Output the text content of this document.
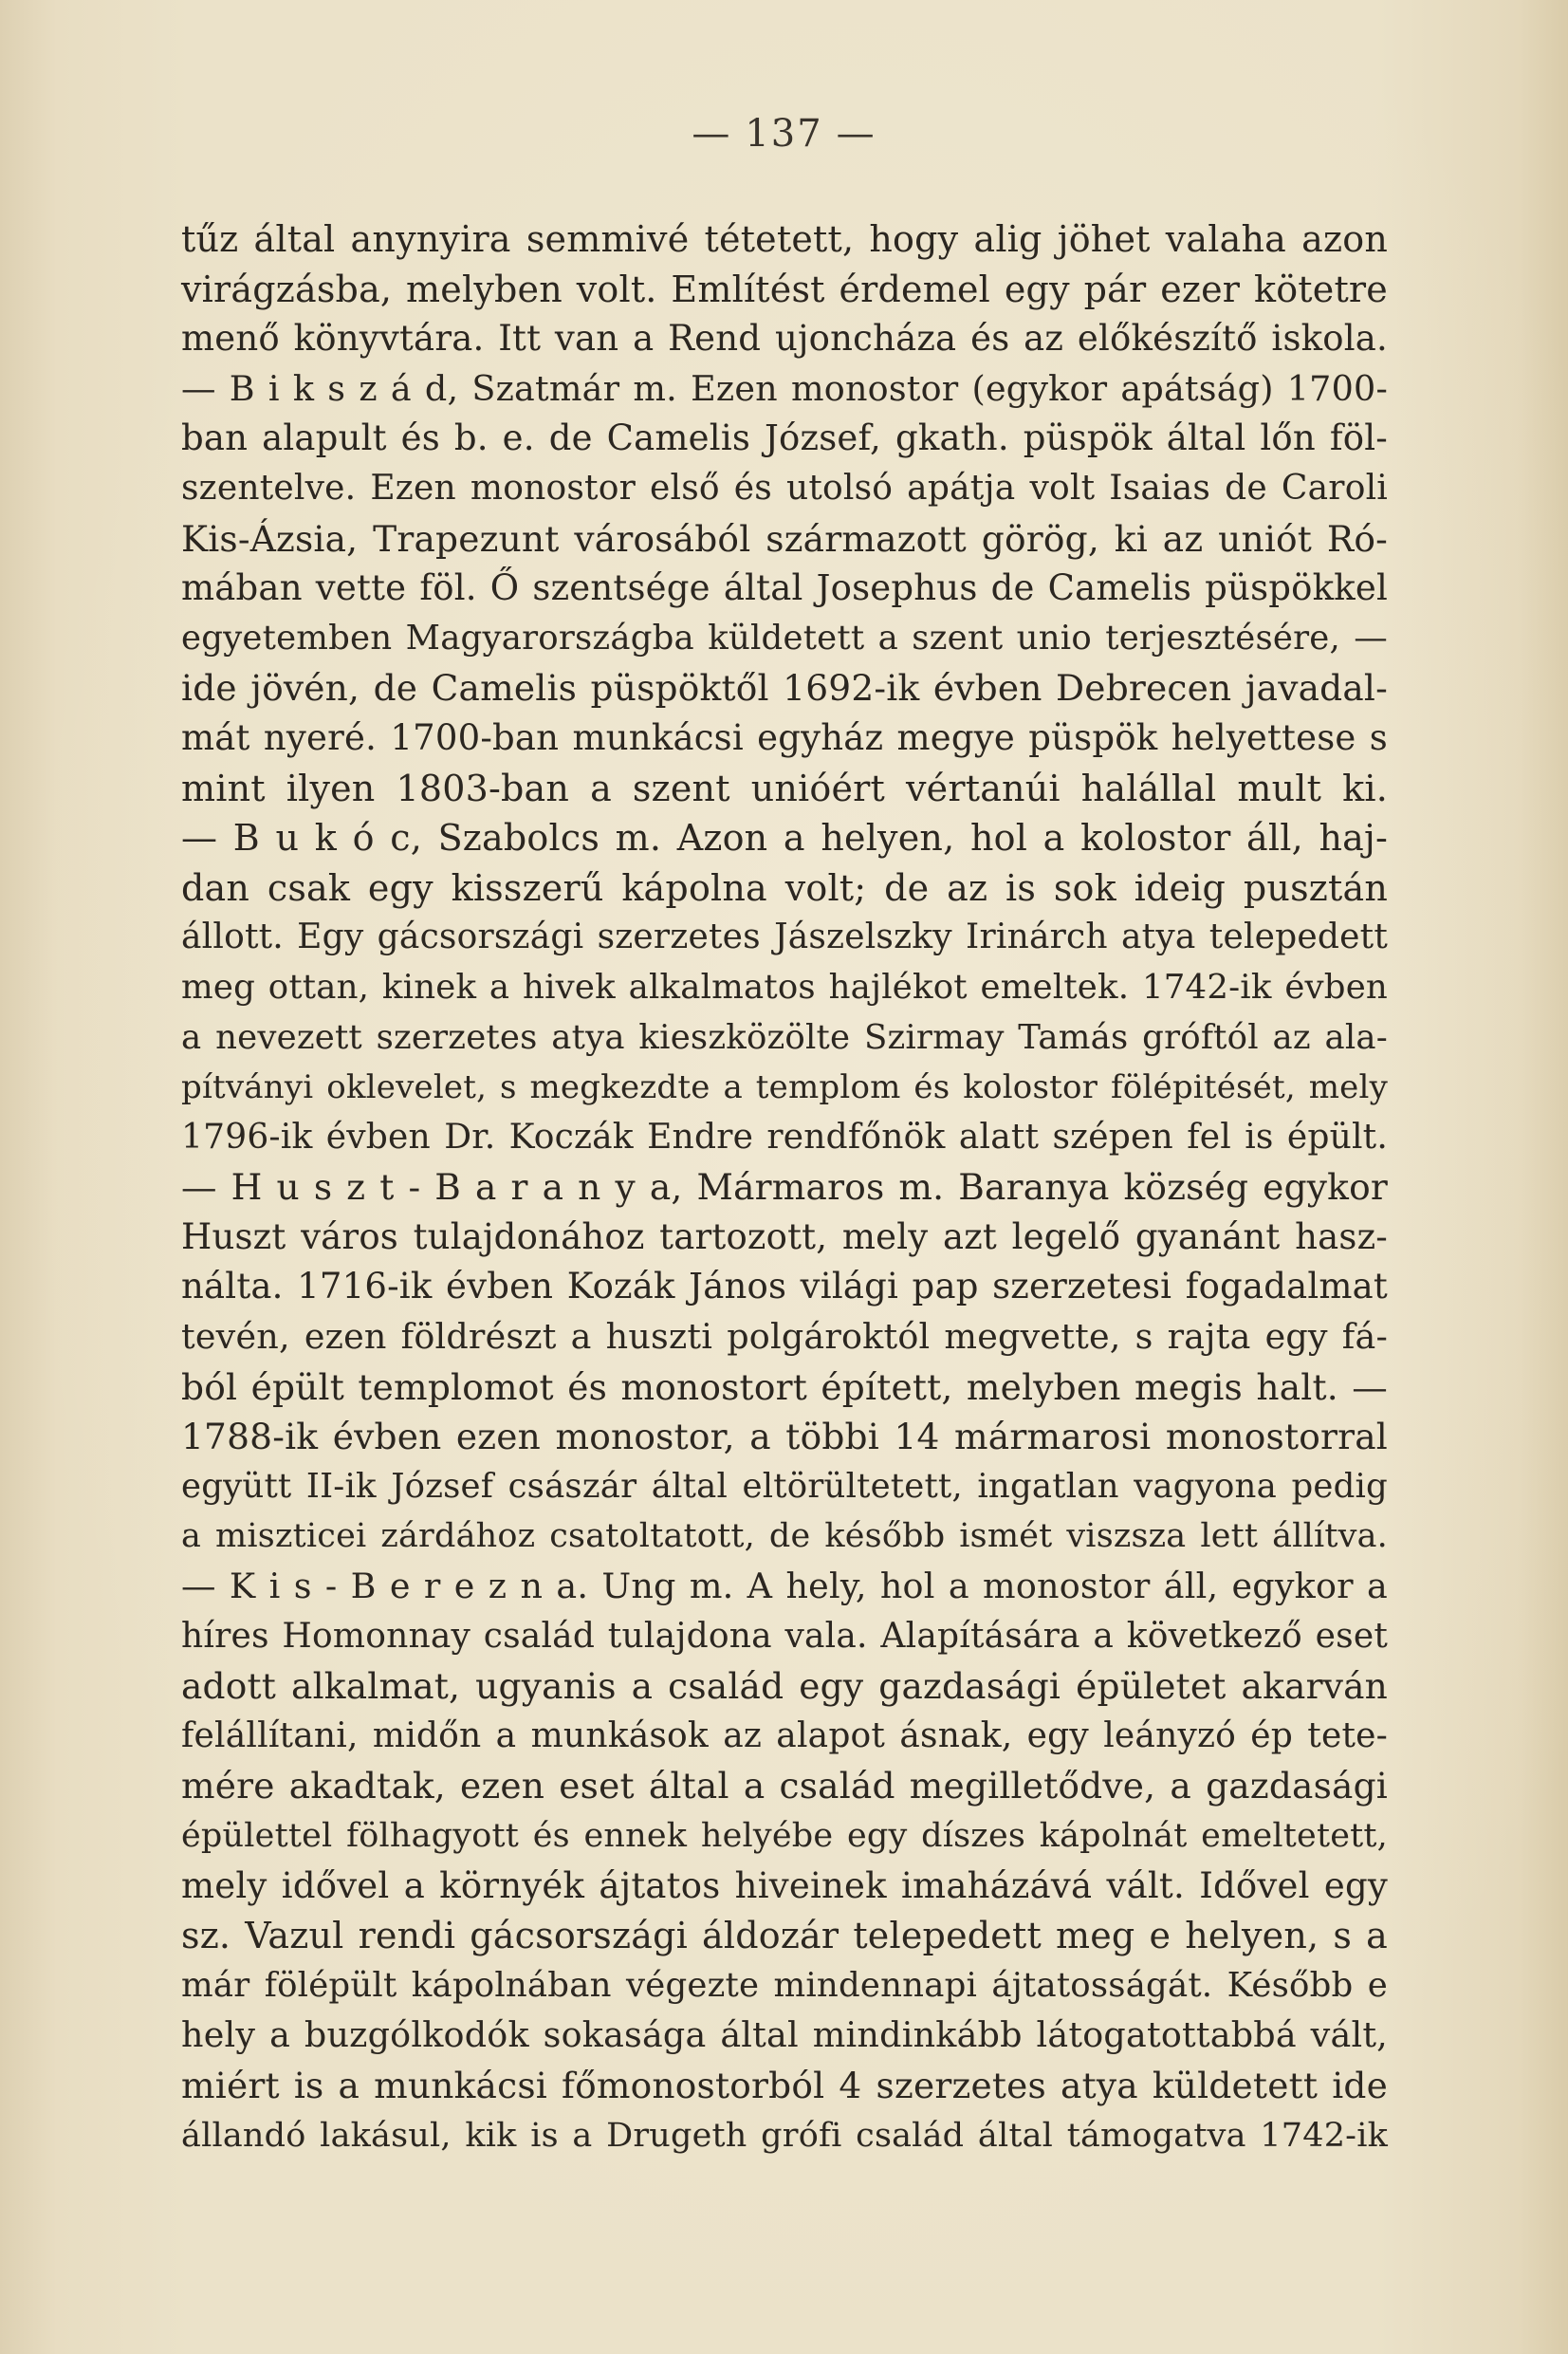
— 137 —
tűz által anynyira semmivé tétetett, hogy alig jöhet valaha azon
virágzásba, melyben volt. Említést érdemel egy pár ezer kötetre
menő könyvtára. Itt van a Rend ujoncháza és az előkészítő iskola.
— B i k s z á d, Szatmár m. Ezen monostor (egykor apátság) 1700-
ban alapult és b. e. de Camelis József, gkath. püspök által lőn föl-
szentelve. Ezen monostor első és utolsó apátja volt Isaias de Caroli
Kis-Ázsia, Trapezunt városából származott görög, ki az uniót Ró-
mában vette föl. Ő szentsége által Josephus de Camelis püspökkel
egyetemben Magyarországba küldetett a szent unio terjesztésére, —
ide jövén, de Camelis püspöktől 1692-ik évben Debrecen javadal-
mát nyeré. 1700-ban munkácsi egyház megye püspök helyettese s
mint ilyen 1803-ban a szent unióért vértanúi halállal mult ki.
— B u k ó c, Szabolcs m. Azon a helyen, hol a kolostor áll, haj-
dan csak egy kisszerű kápolna volt; de az is sok ideig pusztán
állott. Egy gácsországi szerzetes Jászelszky Irinárch atya telepedett
meg ottan, kinek a hivek alkalmatos hajlékot emeltek. 1742-ik évben
a nevezett szerzetes atya kieszközölte Szirmay Tamás gróftól az ala-
pítványi oklevelet, s megkezdte a templom és kolostor fölépitését, mely
1796-ik évben Dr. Koczák Endre rendfőnök alatt szépen fel is épült.
— H u s z t - B a r a n y a, Mármaros m. Baranya község egykor
Huszt város tulajdonához tartozott, mely azt legelő gyanánt hasz-
nálta. 1716-ik évben Kozák János világi pap szerzetesi fogadalmat
tevén, ezen földrészt a huszti polgároktól megvette, s rajta egy fá-
ból épült templomot és monostort épített, melyben megis halt. —
1788-ik évben ezen monostor, a többi 14 mármarosi monostorral
együtt II-ik József császár által eltörültetett, ingatlan vagyona pedig
a miszticei zárdához csatoltatott, de később ismét viszsza lett állítva.
— K i s - B e r e z n a. Ung m. A hely, hol a monostor áll, egykor a
híres Homonnay család tulajdona vala. Alapítására a következő eset
adott alkalmat, ugyanis a család egy gazdasági épületet akarván
felállítani, midőn a munkások az alapot ásnak, egy leányzó ép tete-
mére akadtak, ezen eset által a család megilletődve, a gazdasági
épülettel fölhagyott és ennek helyébe egy díszes kápolnát emeltetett,
mely idővel a környék ájtatos hiveinek imaházává vált. Idővel egy
sz. Vazul rendi gácsországi áldozár telepedett meg e helyen, s a
már fölépült kápolnában végezte mindennapi ájtatosságát. Később e
hely a buzgólkodók sokasága által mindinkább látogatottabbá vált,
miért is a munkácsi főmonostorból 4 szerzetes atya küldetett ide
állandó lakásul, kik is a Drugeth grófi család által támogatva 1742-ik
